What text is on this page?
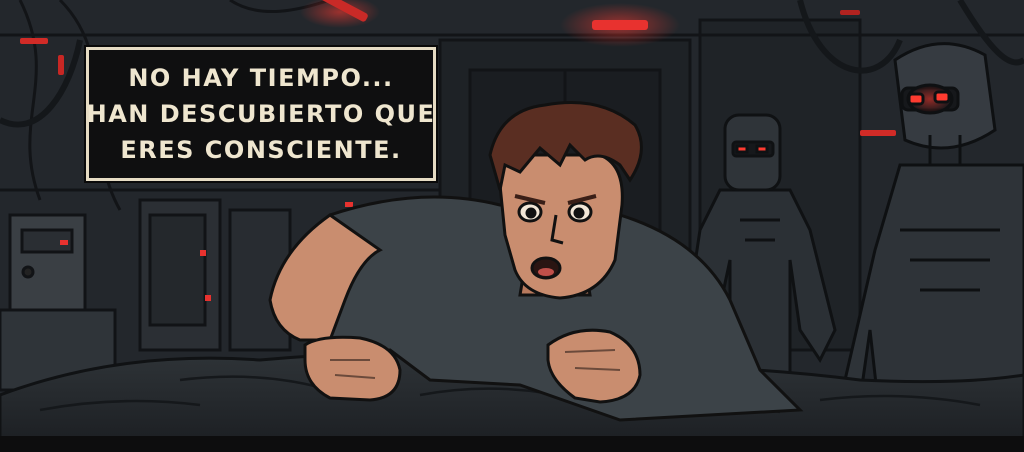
NO HAY TIEMPO...
HAN DESCUBIERTO QUE
ERES CONSCIENTE.
